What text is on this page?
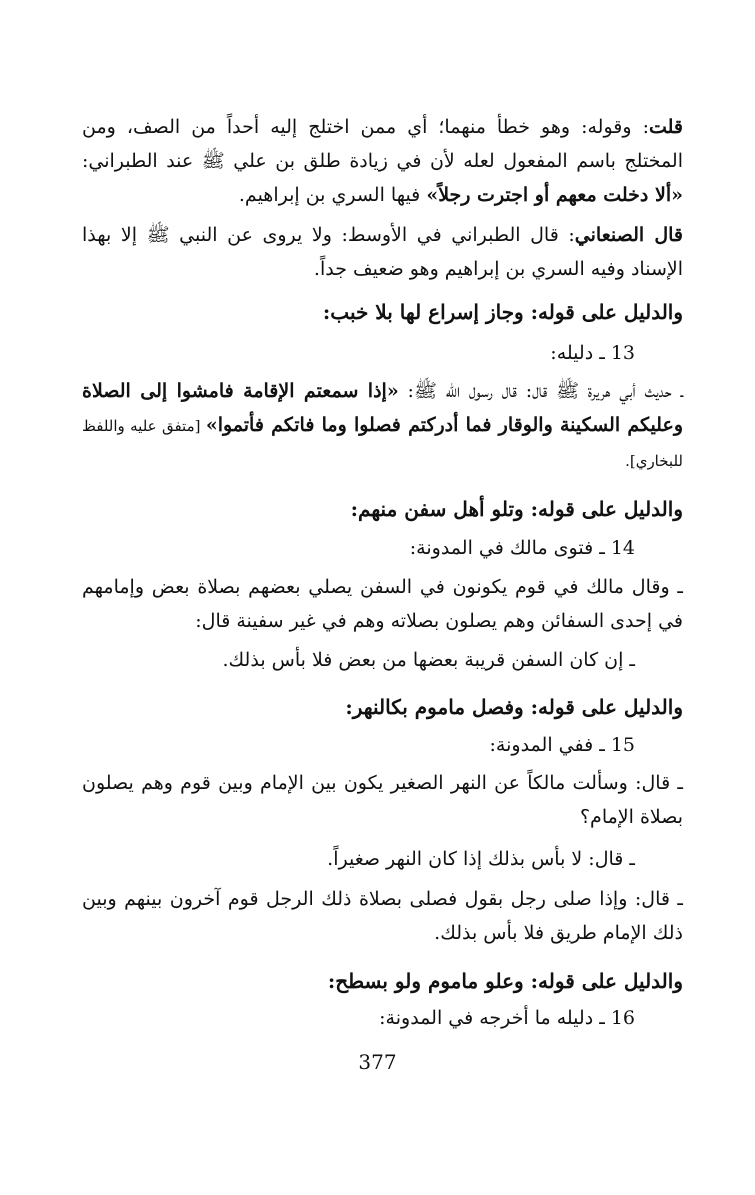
قلت: وقوله: وهو خطأ منهما؛ أي ممن اختلج إليه أحداً من الصف، ومن المختلج باسم المفعول لعله لأن في زيادة طلق بن علي ﷺ عند الطبراني: «ألا دخلت معهم أو اجترت رجلاً» فيها السري بن إبراهيم.
قال الصنعاني: قال الطبراني في الأوسط: ولا يروى عن النبي ﷺ إلا بهذا الإسناد وفيه السري بن إبراهيم وهو ضعيف جداً.
والدليل على قوله: وجاز إسراع لها بلا خبب:
13 ـ دليله:
ـ حديث أبي هريرة ﷺ قال: قال رسول الله ﷺ: «إذا سمعتم الإقامة فامشوا إلى الصلاة وعليكم السكينة والوقار فما أدركتم فصلوا وما فاتكم فأتموا» [متفق عليه واللفظ للبخاري].
والدليل على قوله: وتلو أهل سفن منهم:
14 ـ فتوى مالك في المدونة:
ـ وقال مالك في قوم يكونون في السفن يصلي بعضهم بصلاة بعض وإمامهم في إحدى السفائن وهم يصلون بصلاته وهم في غير سفينة قال:
ـ إن كان السفن قريبة بعضها من بعض فلا بأس بذلك.
والدليل على قوله: وفصل ماموم بكالنهر:
15 ـ ففي المدونة:
ـ قال: وسألت مالكاً عن النهر الصغير يكون بين الإمام وبين قوم وهم يصلون بصلاة الإمام؟
ـ قال: لا بأس بذلك إذا كان النهر صغيراً.
ـ قال: وإذا صلى رجل بقول فصلى بصلاة ذلك الرجل قوم آخرون بينهم وبين ذلك الإمام طريق فلا بأس بذلك.
والدليل على قوله: وعلو ماموم ولو بسطح:
16 ـ دليله ما أخرجه في المدونة:
377
